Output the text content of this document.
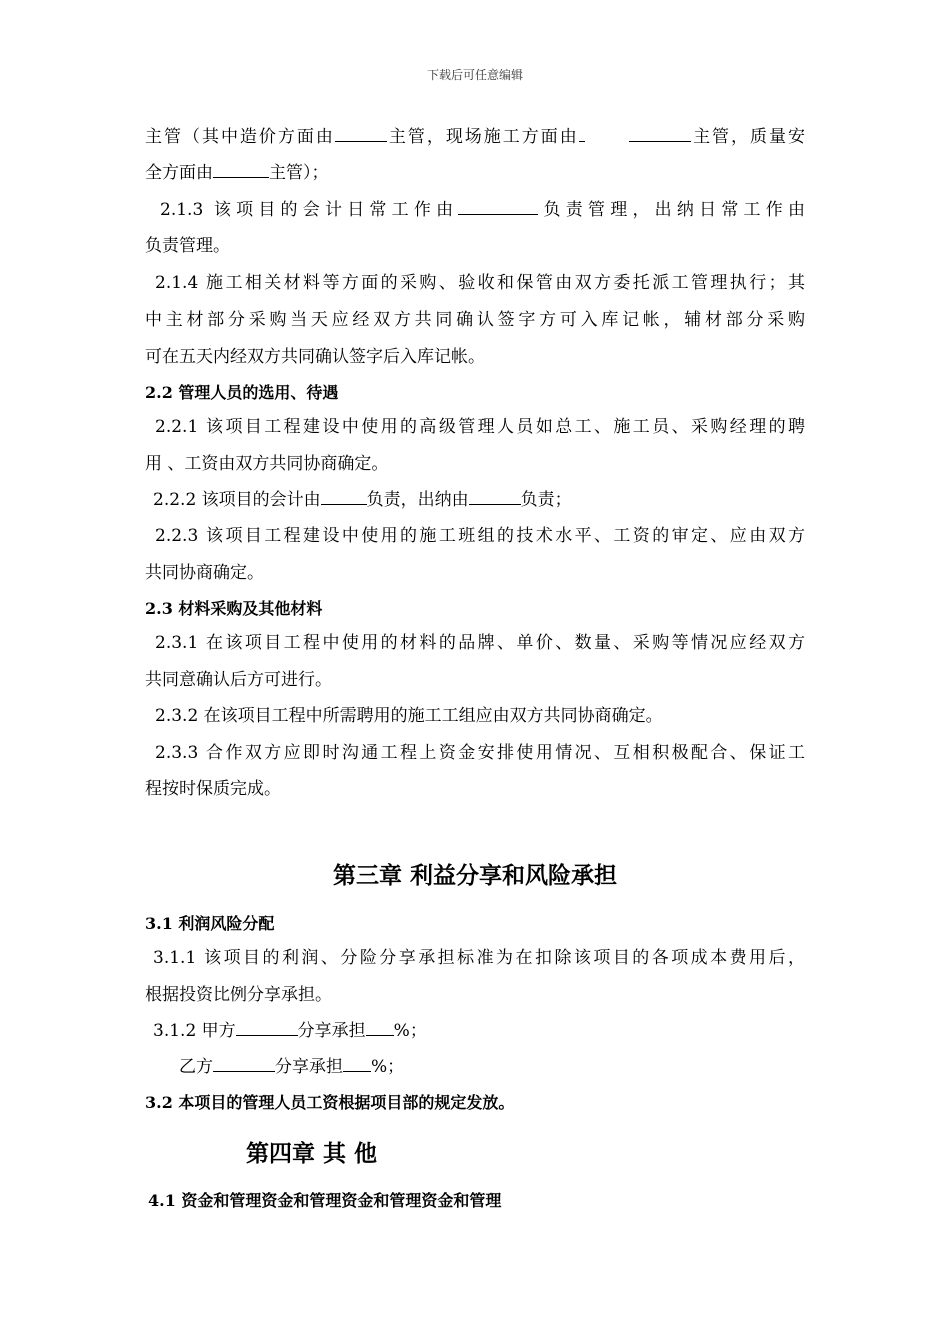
下载后可任意编辑
主管（其中造价方面由	主管，现场施工方面由	主管，质量安
全方面由	主管）；
2.1.3 该项目的会计日常工作由	负责管理，出纳日常工作由
负责管理。
2.1.4 施工相关材料等方面的采购、验收和保管由双方委托派工管理执行；其
中主材部分采购当天应经双方共同确认签字方可入库记帐，辅材部分采购
可在五天内经双方共同确认签字后入库记帐。
2.2 管理人员的选用、待遇
2.2.1 该项目工程建设中使用的高级管理人员如总工、施工员、采购经理的聘
用 、工资由双方共同协商确定。
2.2.2 该项目的会计由	负责，出纳由	负责；
2.2.3 该项目工程建设中使用的施工班组的技术水平、工资的审定、应由双方
共同协商确定。
2.3 材料采购及其他材料
2.3.1 在该项目工程中使用的材料的品牌、单价、数量、采购等情况应经双方
共同意确认后方可进行。
2.3.2 在该项目工程中所需聘用的施工工组应由双方共同协商确定。
2.3.3 合作双方应即时沟通工程上资金安排使用情况、互相积极配合、保证工
程按时保质完成。
第三章 利益分享和风险承担
3.1 利润风险分配
3.1.1 该项目的利润、分险分享承担标准为在扣除该项目的各项成本费用后，
根据投资比例分享承担。
3.1.2 甲方	分享承担 %；
乙方	分享承担 %；
3.2 本项目的管理人员工资根据项目部的规定发放。
第四章 其 他
4.1 资金和管理资金和管理资金和管理资金和管理
